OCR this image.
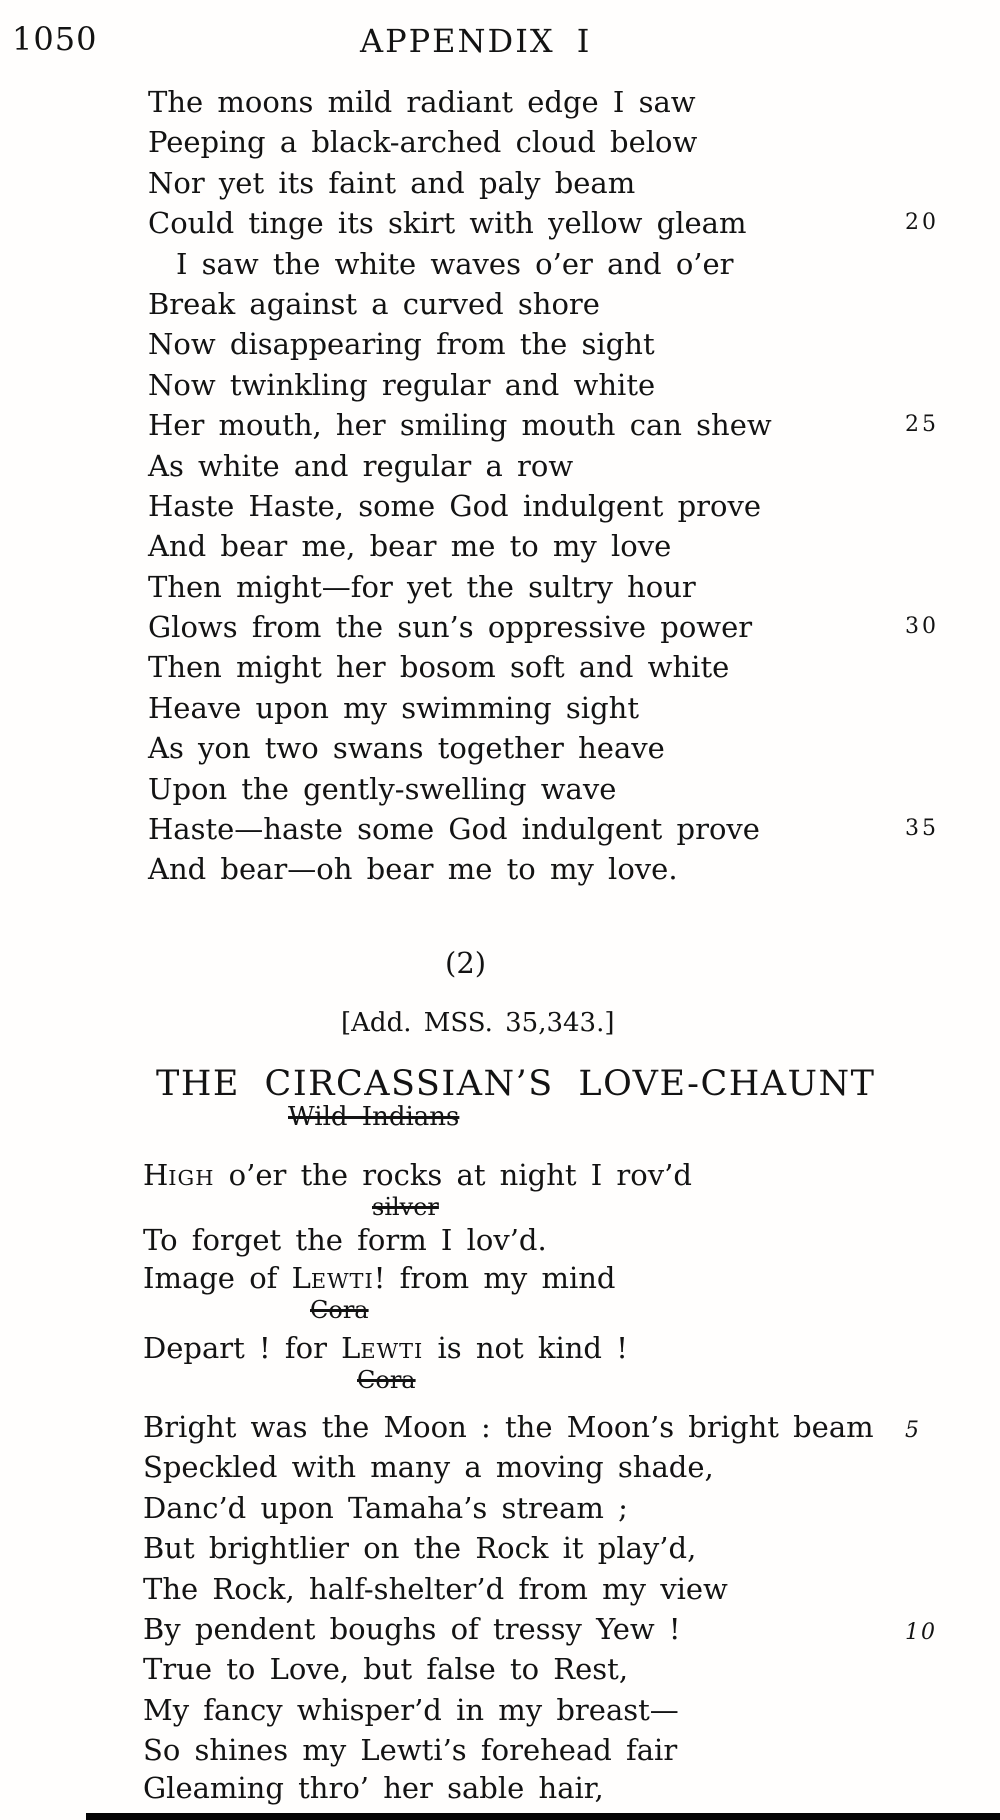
1050	APPENDIX I
The moons mild radiant edge I saw
Peeping a black-arched cloud below
Nor yet its faint and paly beam
Could tinge its skirt with yellow gleam	20
I saw the white waves o’er and o’er
Break against a curved shore
Now disappearing from the sight
Now twinkling regular and white
Her mouth, her smiling mouth can shew	25
As white and regular a row
Haste Haste, some God indulgent prove
And bear me, bear me to my love
Then might—for yet the sultry hour
Glows from the sun’s oppressive power	30
Then might her bosom soft and white
Heave upon my swimming sight
As yon two swans together heave
Upon the gently-swelling wave
Haste—haste some God indulgent prove	35
And bear—oh bear me to my love.
(2)
[Add. MSS. 35,343.]
THE CIRCASSIAN’S LOVE-CHAUNT
Wild Indians
HIGH o’er the rocks at night I rov’d
silver
To forget the form I lov’d.
Image of LEWTI! from my mind
Cora
Depart ! for LEWTI is not kind !
Cora
Bright was the Moon : the Moon’s bright beam 5
Speckled with many a moving shade,
Danc’d upon Tamaha’s stream ;
But brightlier on the Rock it play’d,
The Rock, half-shelter’d from my view
By pendent boughs of tressy Yew !	10
True to Love, but false to Rest,
My fancy whisper’d in my breast—
So shines my Lewti’s forehead fair
Gleaming thro’ her sable hair,
